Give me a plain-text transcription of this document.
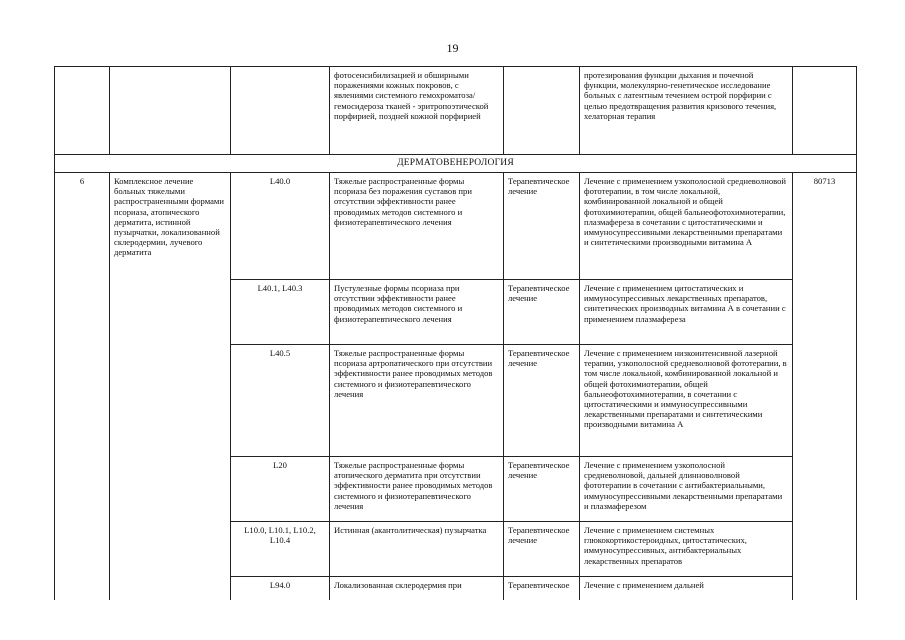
19
			фотосенсибилизацией и обширными поражениями кожных покровов, с явлениями системного гемохроматоза/гемосидероза тканей - эритропоэтической порфирией, поздней кожной порфирией		протезирования функции дыхания и почечной функции, молекулярно-генетическое исследование больных с латентным течением острой порфирии с целью предотвращения развития кризового течения, хелаторная терапия	
ДЕРМАТОВЕНЕРОЛОГИЯ						
6	Комплексное лечение больных тяжелыми распространенными формами псориаза, атопического дерматита, истинной пузырчатки, локализованной склеродермии, лучевого дерматита	L40.0	Тяжелые распространенные формы псориаза без поражения суставов при отсутствии эффективности ранее проводимых методов системного и физиотерапевтического лечения	Терапевтическое лечение	Лечение с применением узкополосной средневолновой фототерапии, в том числе локальной, комбинированной локальной и общей фотохимиотерапии, общей бальнеофотохимиотерапии, плазмафереза в сочетании с цитостатическими и иммуносупрессивными лекарственными препаратами и синтетическими производными витамина А	80713
		L40.1, L40.3	Пустулезные формы псориаза при отсутствии эффективности ранее проводимых методов системного и физиотерапевтического лечения	Терапевтическое лечение	Лечение с применением цитостатических и иммуносупрессивных лекарственных препаратов, синтетических производных витамина А в сочетании с применением плазмафереза	
		L40.5	Тяжелые распространенные формы псориаза артропатического при отсутствии эффективности ранее проводимых методов системного и физиотерапевтического лечения	Терапевтическое лечение	Лечение с применением низкоинтенсивной лазерной терапии, узкополосной средневолновой фототерапии, в том числе локальной, комбинированной локальной и общей фотохимиотерапии, общей бальнеофотохимиотерапии, в сочетании с цитостатическими и иммуносупрессивными лекарственными препаратами и синтетическими производными витамина А	
		L20	Тяжелые распространенные формы атопического дерматита при отсутствии эффективности ранее проводимых методов системного и физиотерапевтического лечения	Терапевтическое лечение	Лечение с применением узкополосной средневолновой, дальней длинноволновой фототерапии в сочетании с антибактериальными, иммуносупрессивными лекарственными препаратами и плазмаферезом	
		L10.0, L10.1, L10.2, L10.4	Истинная (акантолитическая) пузырчатка	Терапевтическое лечение	Лечение с применением системных глюкокортикостероидных, цитостатических, иммуносупрессивных, антибактериальных лекарственных препаратов	
		L94.0	Локализованная склеродермия при	Терапевтическое	Лечение с применением дальней	
